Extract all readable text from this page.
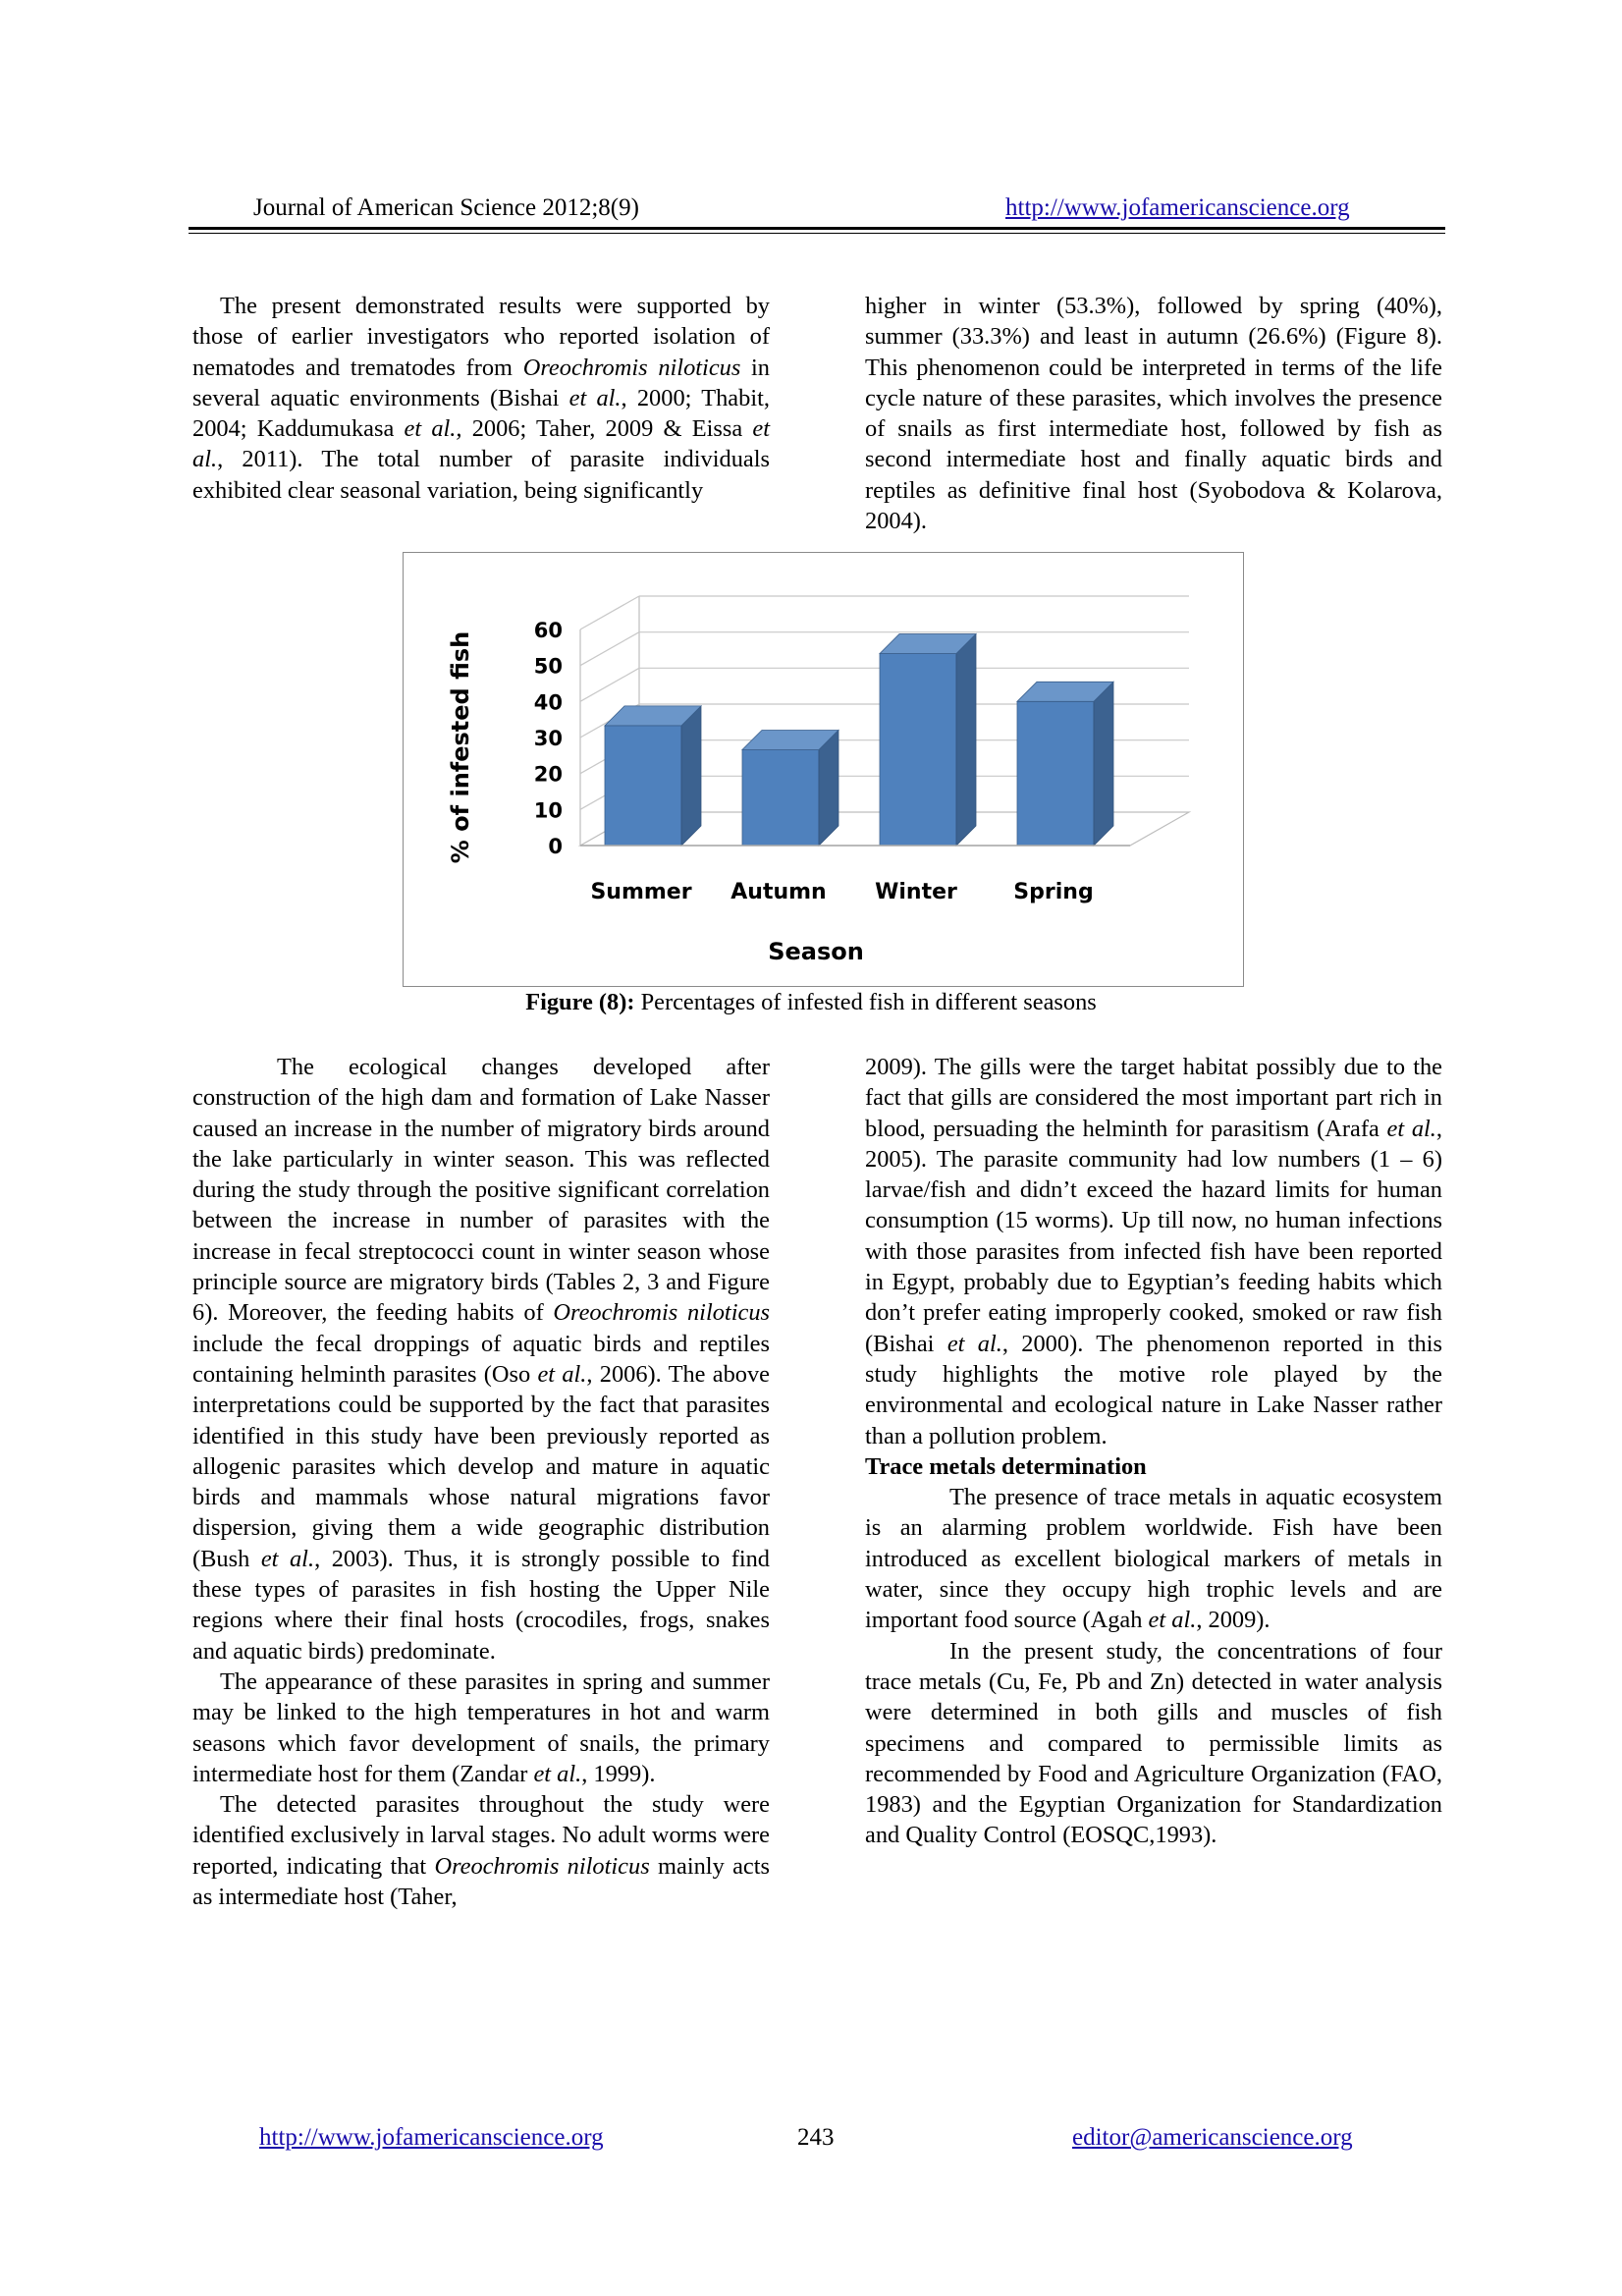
Journal of American Science 2012;8(9)	http://www.jofamericanscience.org

The present demonstrated results were supported by those of earlier investigators who reported isolation of nematodes and trematodes from Oreochromis niloticus in several aquatic environments (Bishai et al., 2000; Thabit, 2004; Kaddumukasa et al., 2006; Taher, 2009 & Eissa et al., 2011). The total number of parasite individuals exhibited clear seasonal variation, being significantly

higher in winter (53.3%), followed by spring (40%), summer (33.3%) and least in autumn (26.6%) (Figure 8). This phenomenon could be interpreted in terms of the life cycle nature of these parasites, which involves the presence of snails as first intermediate host, followed by fish as second intermediate host and finally aquatic birds and reptiles as definitive final host (Syobodova & Kolarova, 2004).

0
10
20
30
40
50
60
Summer Autumn Winter	Spring
Season
% of infested fish
Figure (8): Percentages of infested fish in different seasons

The ecological changes developed after construction of the high dam and formation of Lake Nasser caused an increase in the number of migratory birds around the lake particularly in winter season. This was reflected during the study through the positive significant correlation between the increase in number of parasites with the increase in fecal streptococci count in winter season whose principle source are migratory birds (Tables 2, 3 and Figure 6). Moreover, the feeding habits of Oreochromis niloticus include the fecal droppings of aquatic birds and reptiles containing helminth parasites (Oso et al., 2006). The above interpretations could be supported by the fact that parasites identified in this study have been previously reported as allogenic parasites which develop and mature in aquatic birds and mammals whose natural migrations favor dispersion, giving them a wide geographic distribution (Bush et al., 2003). Thus, it is strongly possible to find these types of parasites in fish hosting the Upper Nile regions where their final hosts (crocodiles, frogs, snakes and aquatic birds) predominate.

The appearance of these parasites in spring and summer may be linked to the high temperatures in hot and warm seasons which favor development of snails, the primary intermediate host for them (Zandar et al., 1999).

The detected parasites throughout the study were identified exclusively in larval stages. No adult worms were reported, indicating that Oreochromis niloticus mainly acts as intermediate host (Taher,

2009). The gills were the target habitat possibly due to the fact that gills are considered the most important part rich in blood, persuading the helminth for parasitism (Arafa et al., 2005). The parasite community had low numbers (1 – 6) larvae/fish and didn’t exceed the hazard limits for human consumption (15 worms). Up till now, no human infections with those parasites from infected fish have been reported in Egypt, probably due to Egyptian’s feeding habits which don’t prefer eating improperly cooked, smoked or raw fish (Bishai et al., 2000). The phenomenon reported in this study highlights the motive role played by the environmental and ecological nature in Lake Nasser rather than a pollution problem.

Trace metals determination

The presence of trace metals in aquatic ecosystem is an alarming problem worldwide. Fish have been introduced as excellent biological markers of metals in water, since they occupy high trophic levels and are important food source (Agah et al., 2009).

In the present study, the concentrations of four trace metals (Cu, Fe, Pb and Zn) detected in water analysis were determined in both gills and muscles of fish specimens and compared to permissible limits as recommended by Food and Agriculture Organization (FAO, 1983) and the Egyptian Organization for Standardization and Quality Control (EOSQC,1993).

http://www.jofamericanscience.org	243	editor@americanscience.org
